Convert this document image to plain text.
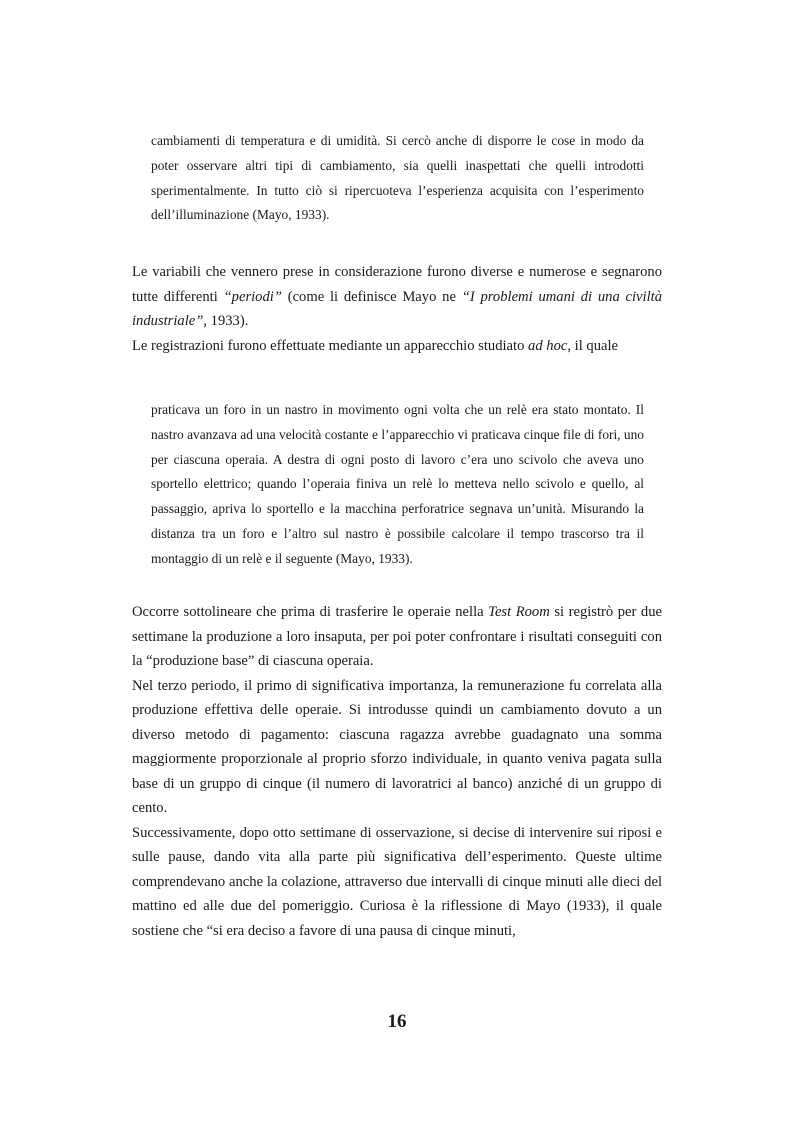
cambiamenti di temperatura e di umidità. Si cercò anche di disporre le cose in modo da poter osservare altri tipi di cambiamento, sia quelli inaspettati che quelli introdotti sperimentalmente. In tutto ciò si ripercuoteva l’esperienza acquisita con l’esperimento dell’illuminazione (Mayo, 1933).

Le variabili che vennero prese in considerazione furono diverse e numerose e segnarono tutte differenti “periodi” (come li definisce Mayo ne “I problemi umani di una civiltà industriale”, 1933).

Le registrazioni furono effettuate mediante un apparecchio studiato ad hoc, il quale

praticava un foro in un nastro in movimento ogni volta che un relè era stato montato. Il nastro avanzava ad una velocità costante e l’apparecchio vi praticava cinque file di fori, uno per ciascuna operaia. A destra di ogni posto di lavoro c’era uno scivolo che aveva uno sportello elettrico; quando l’operaia finiva un relè lo metteva nello scivolo e quello, al passaggio, apriva lo sportello e la macchina perforatrice segnava un’unità. Misurando la distanza tra un foro e l’altro sul nastro è possibile calcolare il tempo trascorso tra il montaggio di un relè e il seguente (Mayo, 1933).

Occorre sottolineare che prima di trasferire le operaie nella Test Room si registrò per due settimane la produzione a loro insaputa, per poi poter confrontare i risultati conseguiti con la “produzione base” di ciascuna operaia.

Nel terzo periodo, il primo di significativa importanza, la remunerazione fu correlata alla produzione effettiva delle operaie. Si introdusse quindi un cambiamento dovuto a un diverso metodo di pagamento: ciascuna ragazza avrebbe guadagnato una somma maggiormente proporzionale al proprio sforzo individuale, in quanto veniva pagata sulla base di un gruppo di cinque (il numero di lavoratrici al banco) anziché di un gruppo di cento.

Successivamente, dopo otto settimane di osservazione, si decise di intervenire sui riposi e sulle pause, dando vita alla parte più significativa dell’esperimento. Queste ultime comprendevano anche la colazione, attraverso due intervalli di cinque minuti alle dieci del mattino ed alle due del pomeriggio. Curiosa è la riflessione di Mayo (1933), il quale sostiene che “si era deciso a favore di una pausa di cinque minuti,

16
